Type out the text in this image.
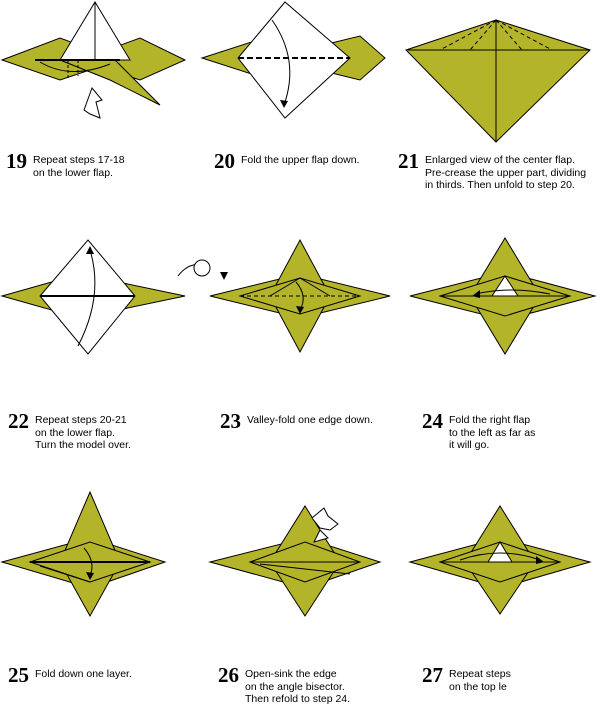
19 Repeat steps 17-18
on the lower flap.	20 Fold the upper flap down. 21 Enlarged view of the center flap.
Pre-crease the upper part, dividing
in thirds. Then unfold to step 20.
22 Repeat steps 20-21
on the lower flap.
Turn the model over.
23 Valley-fold one edge down. 24 Fold the right flap
to the left as far as
it will go.
25 Fold down one layer.	26 Open-sink the edge
on the angle bisector.
Then refold to step 24.
27 Repeat steps
on the top le
